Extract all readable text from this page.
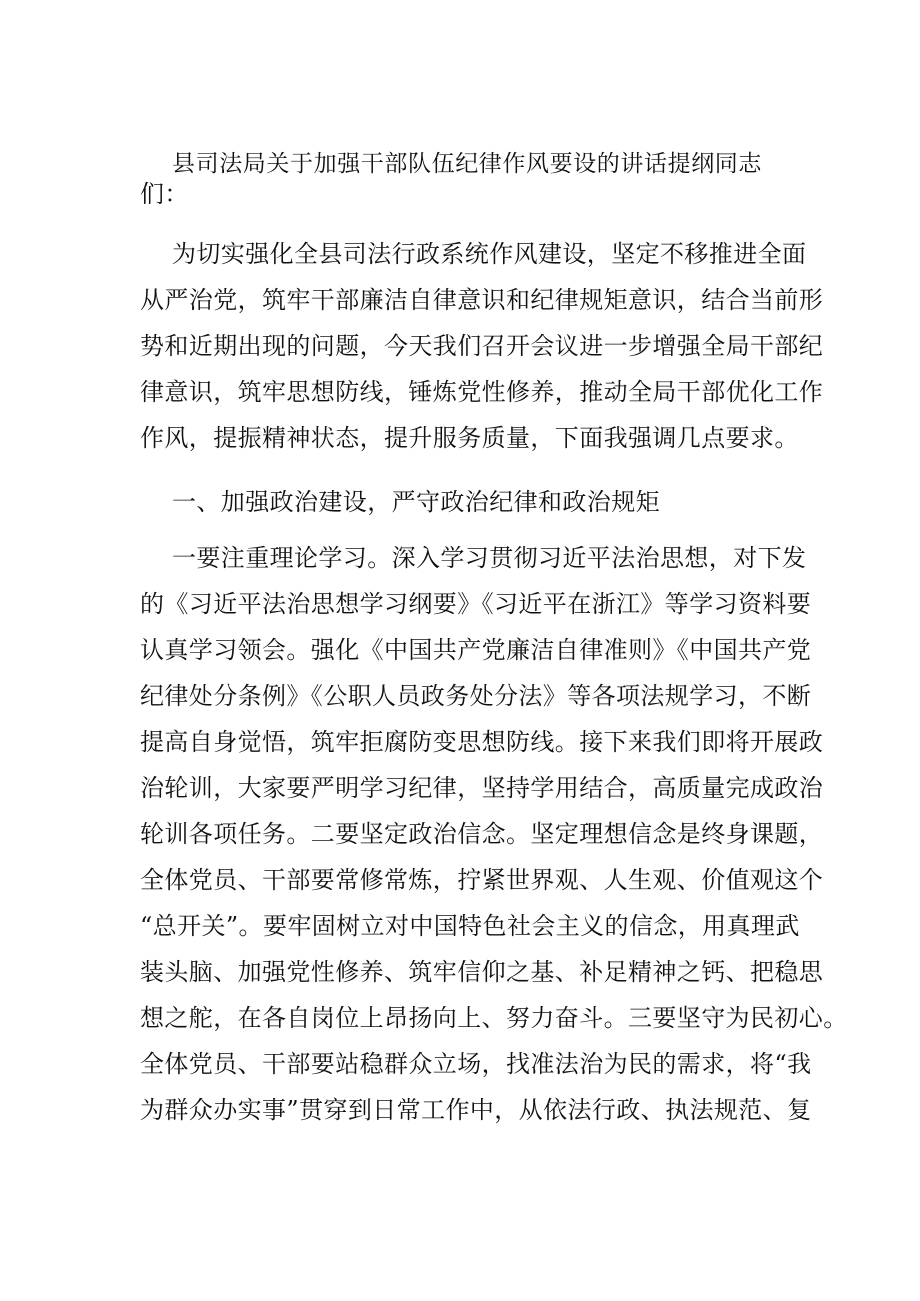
县司法局关于加强干部队伍纪律作风要设的讲话提纲同志
们：
为切实强化全县司法行政系统作风建设，坚定不移推进全面
从严治党，筑牢干部廉洁自律意识和纪律规矩意识，结合当前形
势和近期出现的问题，今天我们召开会议进一步增强全局干部纪
律意识，筑牢思想防线，锤炼党性修养，推动全局干部优化工作
作风，提振精神状态，提升服务质量，下面我强调几点要求。
一、加强政治建设，严守政治纪律和政治规矩
一要注重理论学习。深入学习贯彻习近平法治思想，对下发
的《习近平法治思想学习纲要》《习近平在浙江》等学习资料要
认真学习领会。强化《中国共产党廉洁自律准则》《中国共产党
纪律处分条例》《公职人员政务处分法》等各项法规学习，不断
提高自身觉悟，筑牢拒腐防变思想防线。接下来我们即将开展政
治轮训，大家要严明学习纪律，坚持学用结合，高质量完成政治
轮训各项任务。二要坚定政治信念。坚定理想信念是终身课题，
全体党员、干部要常修常炼，拧紧世界观、人生观、价值观这个
“总开关”。要牢固树立对中国特色社会主义的信念，用真理武
装头脑、加强党性修养、筑牢信仰之基、补足精神之钙、把稳思
想之舵，在各自岗位上昂扬向上、努力奋斗。三要坚守为民初心。
全体党员、干部要站稳群众立场，找准法治为民的需求，将“我
为群众办实事”贯穿到日常工作中，从依法行政、执法规范、复
